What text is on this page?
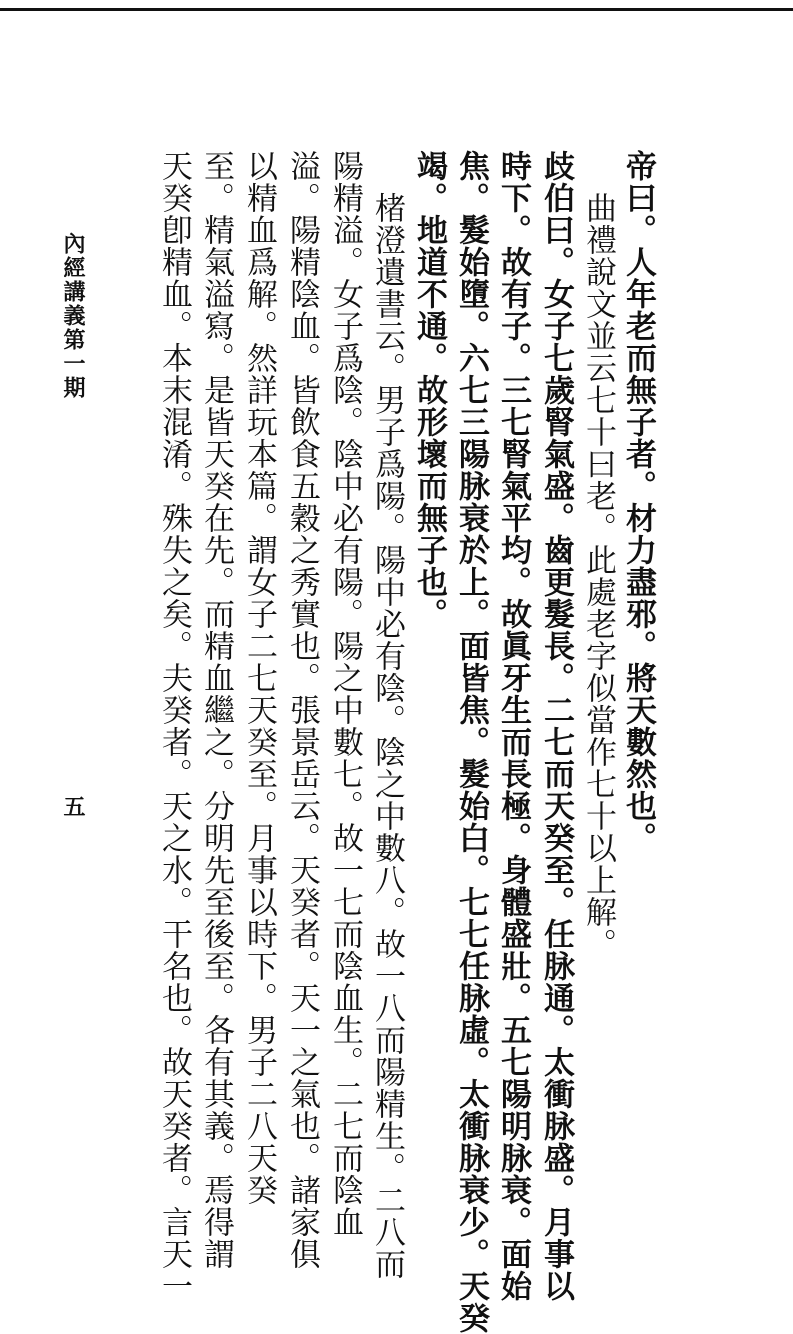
帝曰。人年老而無子者。材力盡邪。將天數然也。
曲禮說文並云七十曰老。此處老字似當作七十以上解。
歧伯曰。女子七歲腎氣盛。齒更髮長。二七而天癸至。任脉通。太衝脉盛。月事以
時下。故有子。三七腎氣平均。故眞牙生而長極。身體盛壯。五七陽明脉衰。面始
焦。髮始墮。六七三陽脉衰於上。面皆焦。髮始白。七七任脉虛。太衝脉衰少。天癸
竭。地道不通。故形壞而無子也。
楮澄遺書云。男子爲陽。陽中必有陰。陰之中數八。故一八而陽精生。二八而
陽精溢。女子爲陰。陰中必有陽。陽之中數七。故一七而陰血生。二七而陰血
溢。陽精陰血。皆飲食五穀之秀實也。張景岳云。天癸者。天一之氣也。諸家俱
以精血爲解。然詳玩本篇。謂女子二七天癸至。月事以時下。男子二八天癸
至。精氣溢寫。是皆天癸在先。而精血繼之。分明先至後至。各有其義。焉得謂
天癸卽精血。本末混淆。殊失之矣。夫癸者。天之水。干名也。故天癸者。言天一
內經講義第一期
五
